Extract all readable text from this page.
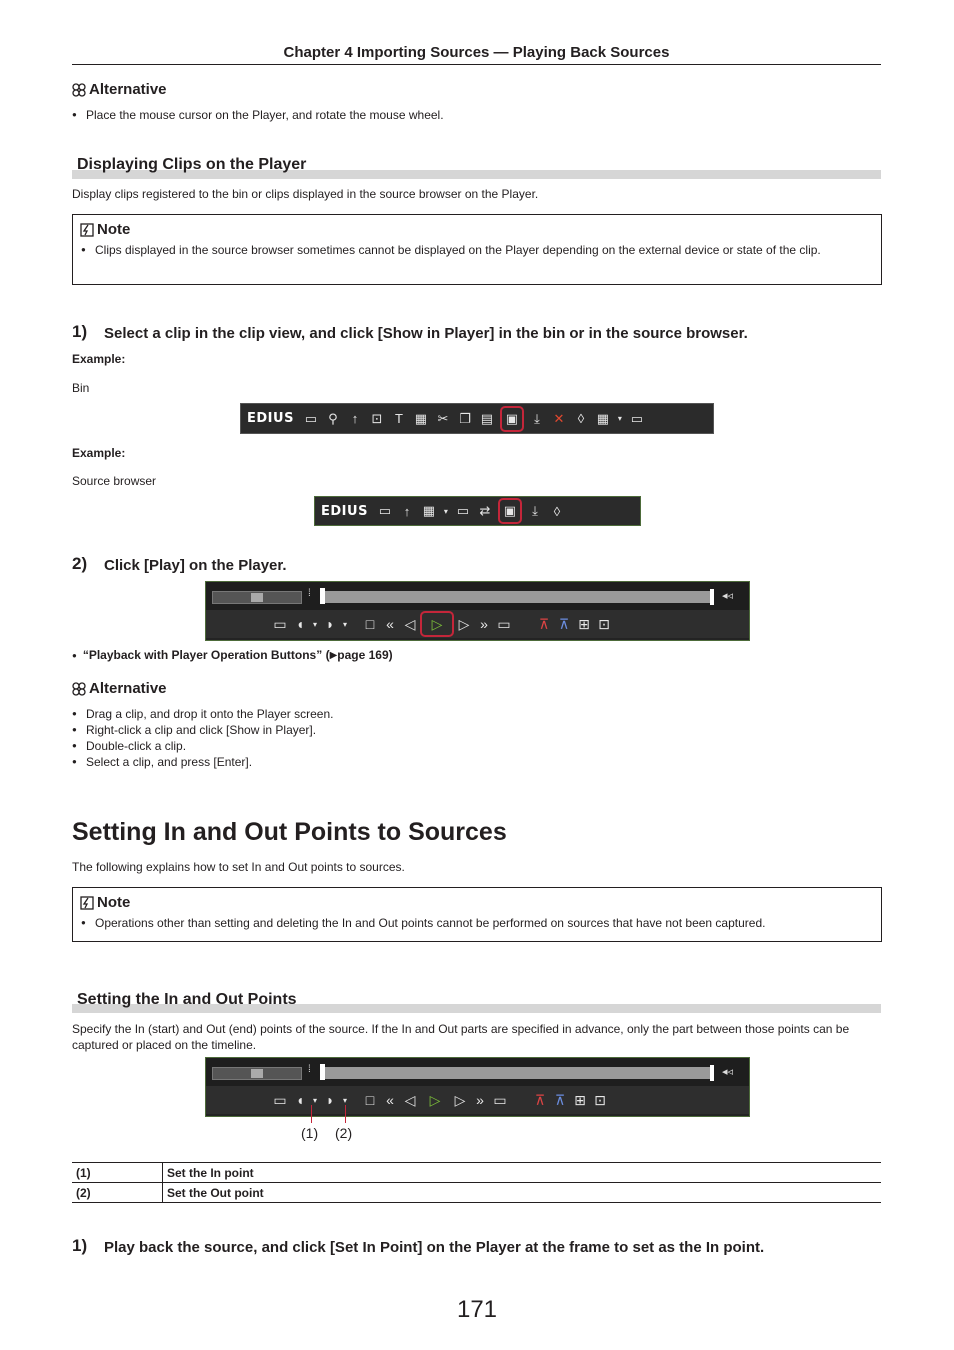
Chapter 4 Importing Sources — Playing Back Sources
Alternative
● Place the mouse cursor on the Player, and rotate the mouse wheel.
Displaying Clips on the Player
Display clips registered to the bin or clips displayed in the source browser on the Player.
Note
● Clips displayed in the source browser sometimes cannot be displayed on the Player depending on the external device or state of the clip.
1) Select a clip in the clip view, and click [Show in Player] in the bin or in the source browser.
Example:
Bin
EDIUS ▭ ⚲	↑	⊡ T ▦ ✂ ❐ ▤ ▣	⤓	✕	◊ ▦	▾ ▭
Example:
Source browser
EDIUS ▭ ↑ ▦	▾ ▭ ⇄	▣	⤓	◊
2) Click [Play] on the Player.
⁞	◂◃
▭ ◖	▾ ◗	▾	□ « ◁	▷	▷ » ▭	⊼ ⊼ ⊞ ⊡
● “Playback with Player Operation Buttons” ( ▶ page 169)
Alternative
● Drag a clip, and drop it onto the Player screen.
● Right-click a clip and click [Show in Player].
● Double-click a clip.
● Select a clip, and press [Enter].
Setting In and Out Points to Sources
The following explains how to set In and Out points to sources.
Note
● Operations other than setting and deleting the In and Out points cannot be performed on sources that have not been captured.
Setting the In and Out Points
Specify the In (start) and Out (end) points of the source. If the In and Out parts are specified in advance, only the part between those points can be captured or placed on the timeline.
⁞	◂◃
▭ ◖	▾ ◗	▾	□ « ◁	▷	▷ » ▭	⊼ ⊼ ⊞ ⊡
(1) (2)
(1)	Set the In point
(2)	Set the Out point
1) Play back the source, and click [Set In Point] on the Player at the frame to set as the In point.
171
